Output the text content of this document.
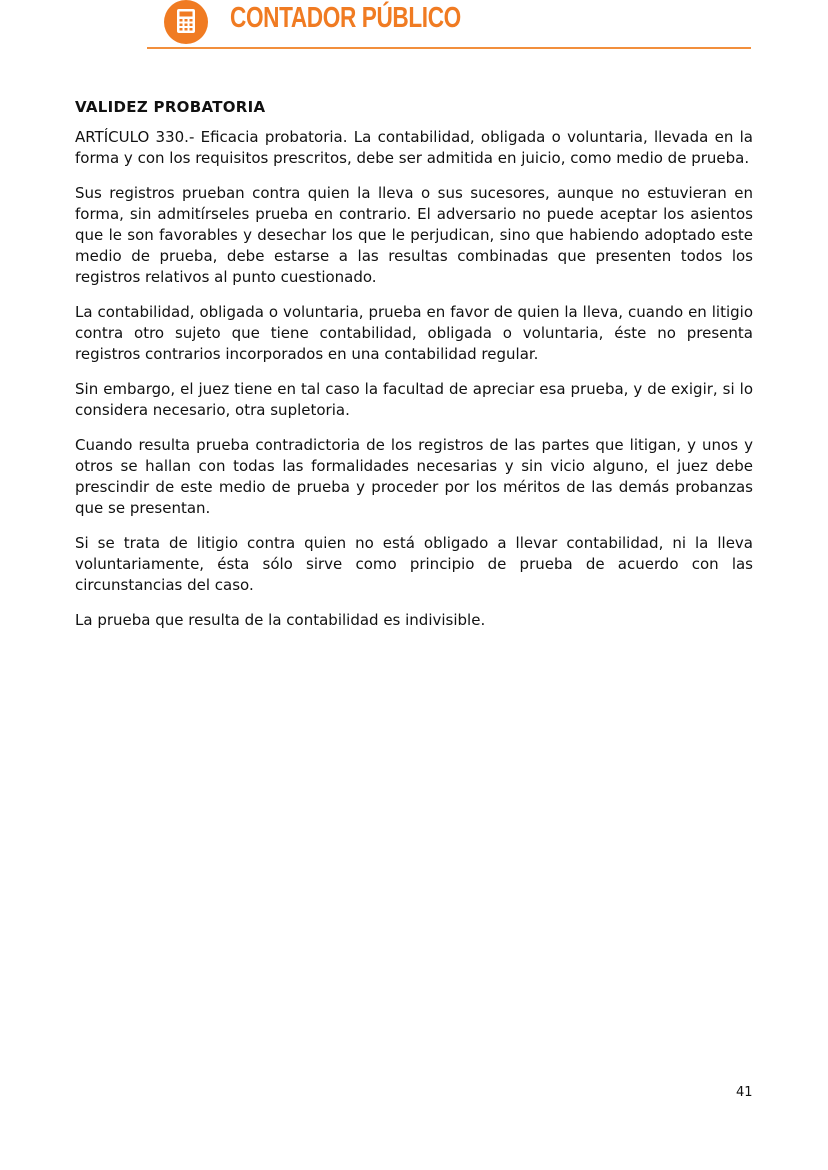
CONTADOR PÚBLICO
VALIDEZ PROBATORIA

ARTÍCULO 330.- Eficacia probatoria. La contabilidad, obligada o voluntaria, llevada en la forma y con los requisitos prescritos, debe ser admitida en juicio, como medio de prueba.

Sus registros prueban contra quien la lleva o sus sucesores, aunque no estuvieran en forma, sin admitírseles prueba en contrario. El adversario no puede aceptar los asientos que le son favorables y desechar los que le perjudican, sino que habiendo adoptado este medio de prueba, debe estarse a las resultas combinadas que presenten todos los registros relativos al punto cuestionado.

La contabilidad, obligada o voluntaria, prueba en favor de quien la lleva, cuando en litigio contra otro sujeto que tiene contabilidad, obligada o voluntaria, éste no presenta registros contrarios incorporados en una contabilidad regular.

Sin embargo, el juez tiene en tal caso la facultad de apreciar esa prueba, y de exigir, si lo considera necesario, otra supletoria.

Cuando resulta prueba contradictoria de los registros de las partes que litigan, y unos y otros se hallan con todas las formalidades necesarias y sin vicio alguno, el juez debe prescindir de este medio de prueba y proceder por los méritos de las demás probanzas que se presentan.

Si se trata de litigio contra quien no está obligado a llevar contabilidad, ni la lleva voluntariamente, ésta sólo sirve como principio de prueba de acuerdo con las circunstancias del caso.

La prueba que resulta de la contabilidad es indivisible.

41
